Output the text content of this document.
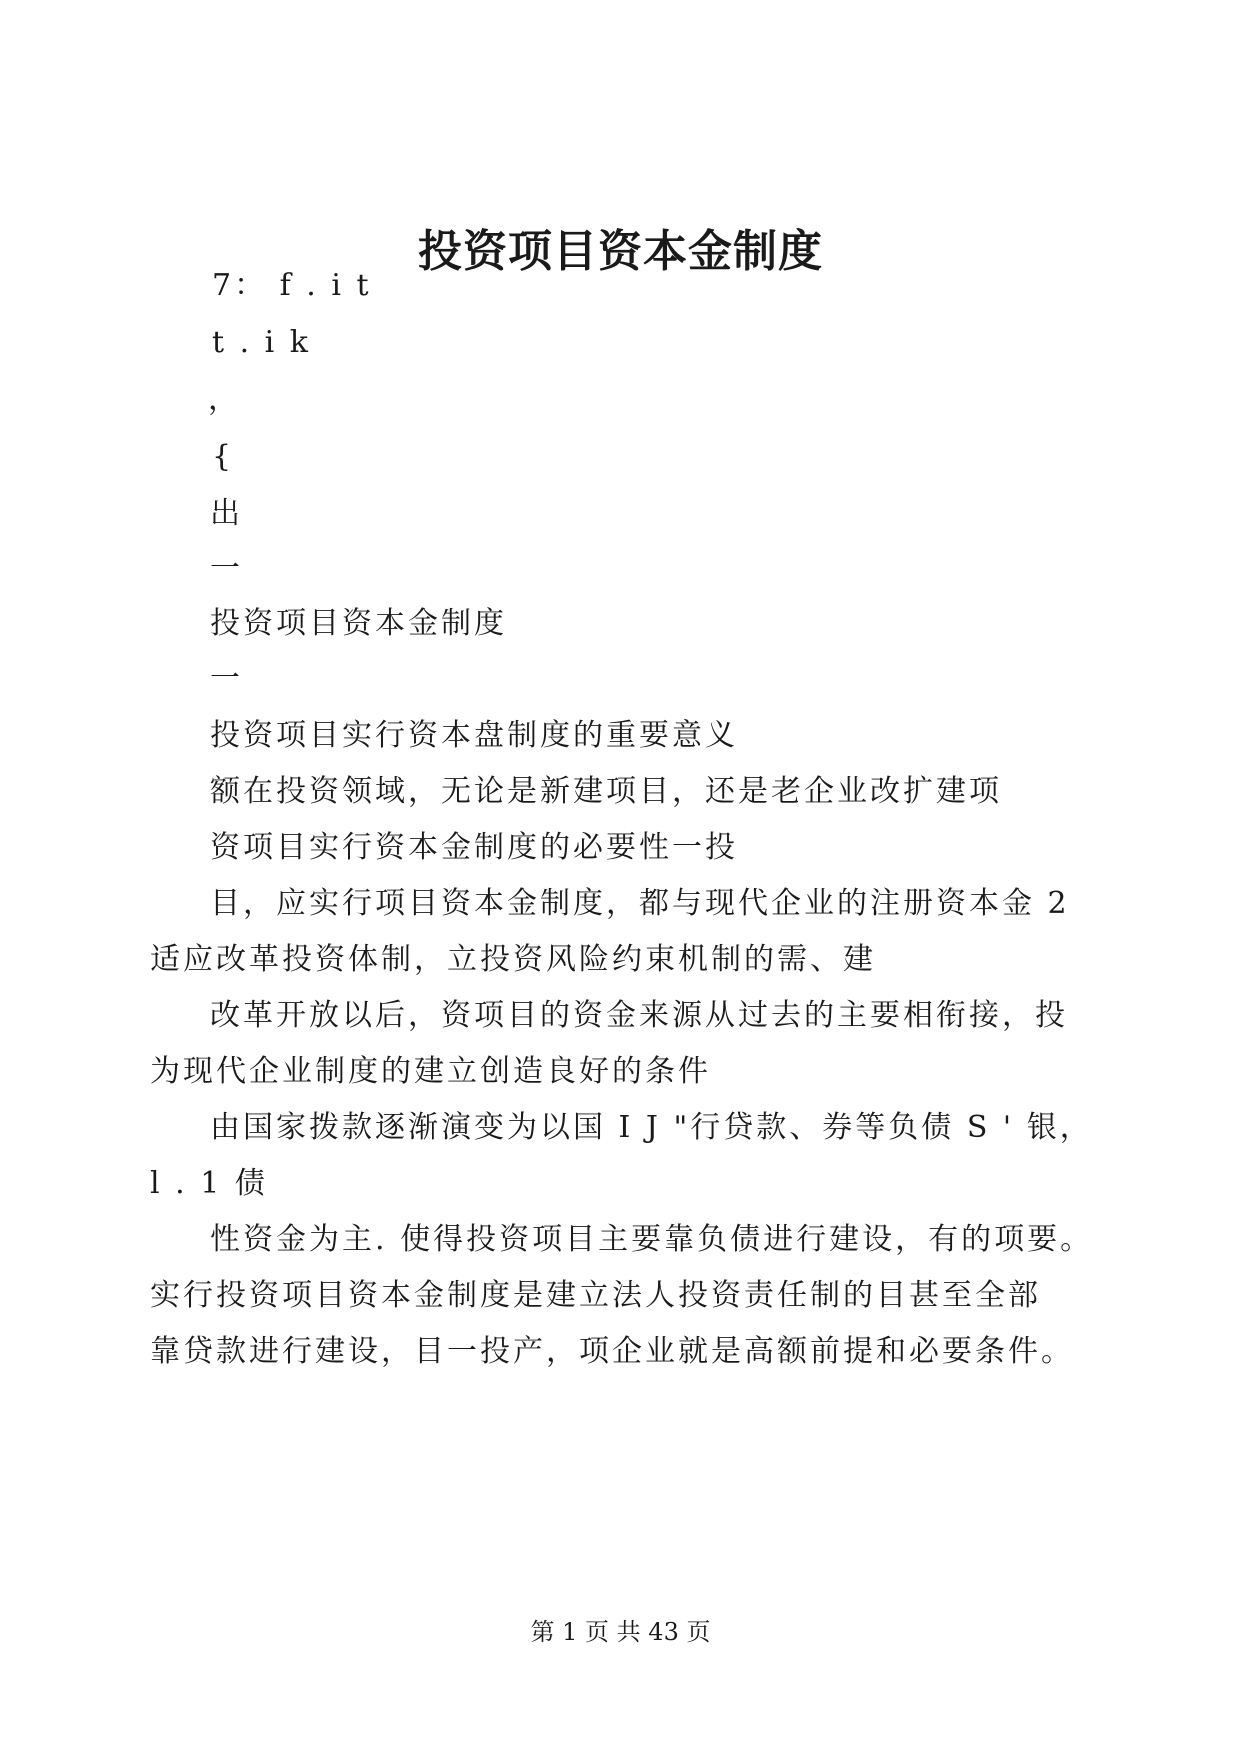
投资项目资本金制度
7： f . i t
t . i k
，
{
出
一
投资项目资本金制度
一
投资项目实行资本盘制度的重要意义
额在投资领域，无论是新建项目，还是老企业改扩建项
资项目实行资本金制度的必要性一投
目，应实行项目资本金制度，都与现代企业的注册资本金 2
适应改革投资体制，立投资风险约束机制的需、建
改革开放以后，资项目的资金来源从过去的主要相衔接，投
为现代企业制度的建立创造良好的条件
由国家拨款逐渐演变为以国 I J "行贷款、券等负债 S ' 银，
l . 1 债
性资金为主. 使得投资项目主要靠负债进行建设，有的项要。
实行投资项目资本金制度是建立法人投资责任制的目甚至全部
靠贷款进行建设，目一投产，项企业就是高额前提和必要条件。
第 1 页 共 43 页
